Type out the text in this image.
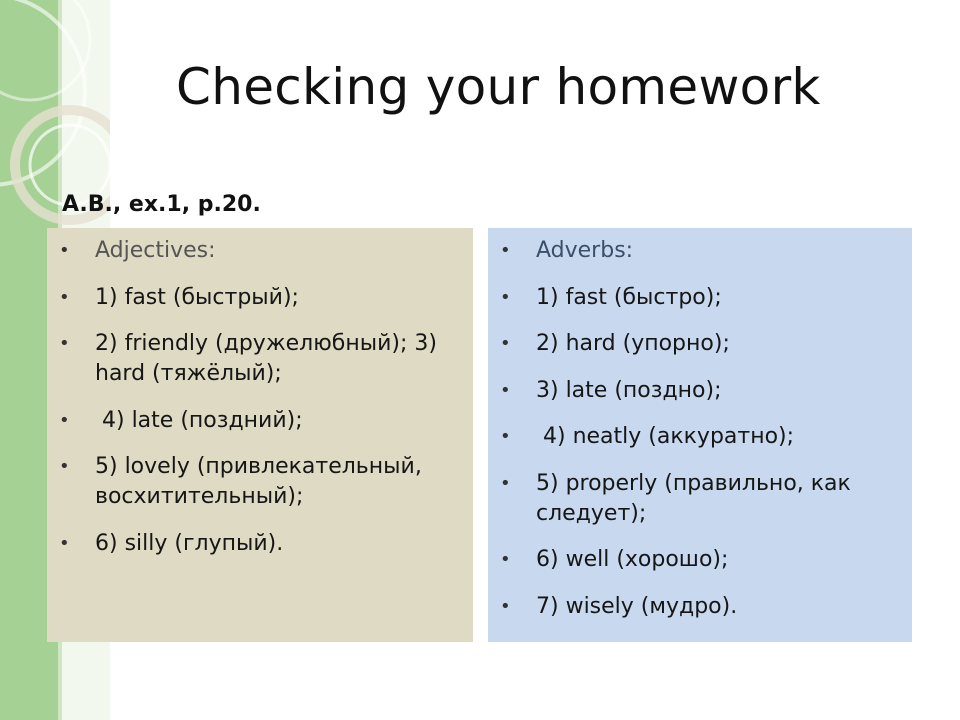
Checking your homework
A.B., ex.1, p.20.
• Adjectives:
• 1) fast (быстрый);
• 2) friendly (дружелюбный); 3) hard (тяжёлый);
• 4) late (поздний);
• 5) lovely (привлекательный, восхитительный);
• 6) silly (глупый).
• Adverbs:
• 1) fast (быстро);
• 2) hard (упорно);
• 3) late (поздно);
• 4) neatly (аккуратно);
• 5) properly (правильно, как следует);
• 6) well (хорошо);
• 7) wisely (мудро).
